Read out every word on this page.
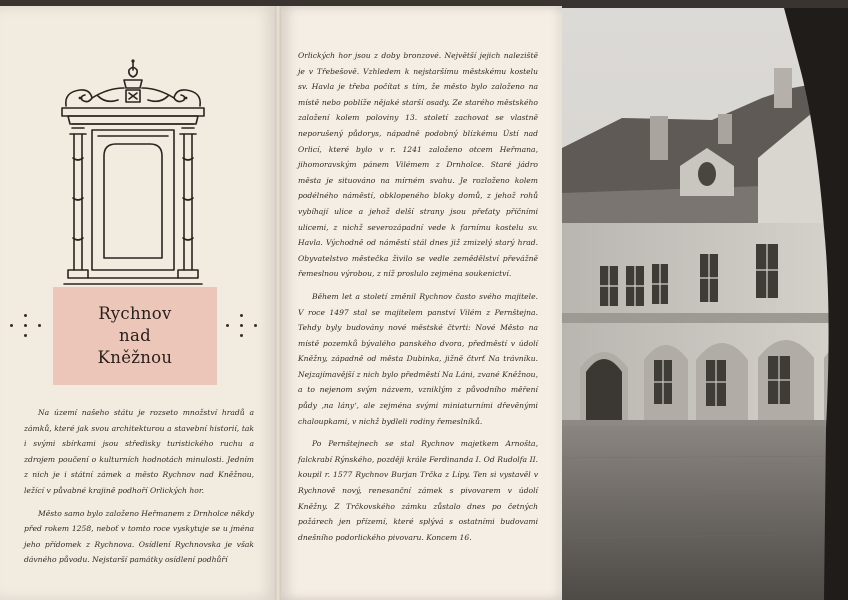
Rychnov
nad
Kněžnou

Na území našeho státu je rozseto množství hradů a zámků, které jak svou architekturou a stavební historií, tak i svými sbírkami jsou středisky turistického ruchu a zdrojem poučení o kulturních hodnotách minulosti. Jedním z nich je i státní zámek a město Rychnov nad Kněžnou, ležící v půvabné krajině podhoří Orlických hor.

Město samo bylo založeno Heřmanem z Drnholce někdy před rokem 1258, neboť v tomto roce vyskytuje se u jména jeho přídomek z Rychnova. Osídlení Rychnovska je však dávného původu. Nejstarší památky osídlení podhůří

Orlických hor jsou z doby bronzové. Největší jejich naleziště je v Třebešově. Vzhledem k nejstaršímu městskému kostelu sv. Havla je třeba počítat s tím, že město bylo založeno na místě nebo poblíže nějaké starší osady. Ze starého městského založení kolem poloviny 13. století zachovat se vlastně neporušený půdorys, nápadně podobný blízkému Ústí nad Orlicí, které bylo v r. 1241 založeno otcem Heřmana, jihomoravským pánem Vilémem z Drnholce. Staré jádro města je situováno na mírném svahu. Je rozloženo kolem podélného náměstí, obklopeného bloky domů, z jehož rohů vybíhají ulice a jehož delší strany jsou přeťaty příčními ulicemi, z nichž severozápadní vede k farnímu kostelu sv. Havla. Východně od náměstí stál dnes již zmizelý starý hrad. Obyvatelstvo městečka živilo se vedle zemědělství převážně řemeslnou výrobou, z níž proslulo zejména soukenictví.

Během let a století změnil Rychnov často svého majitele. V roce 1497 stal se majitelem panství Vilém z Pernštejna. Tehdy byly budovány nové městské čtvrti: Nové Město na místě pozemků bývalého panského dvora, předměstí v údolí Kněžny, západně od města Dubinka, jižně čtvrť Na trávníku. Nejzajímavější z nich bylo předměstí Na Láni, zvané Kněžnou, a to nejenom svým názvem, vzniklým z původního měření půdy ‚na lány‘, ale zejména svými miniaturními dřevěnými chaloupkami, v nichž bydleli rodiny řemeslníků.

Po Pernštejnech se stal Rychnov majetkem Arnošta, falckrabí Rýnského, později krále Ferdinanda I. Od Rudolfa II. koupil r. 1577 Rychnov Burjan Trčka z Lípy. Ten si vystavěl v Rychnově nový, renesanční zámek s pivovarem v údolí Kněžny. Z Trčkovského zámku zůstalo dnes po četných požárech jen přízemí, které splývá s ostatními budovami dnešního podorlického pivovaru. Koncem 16.
